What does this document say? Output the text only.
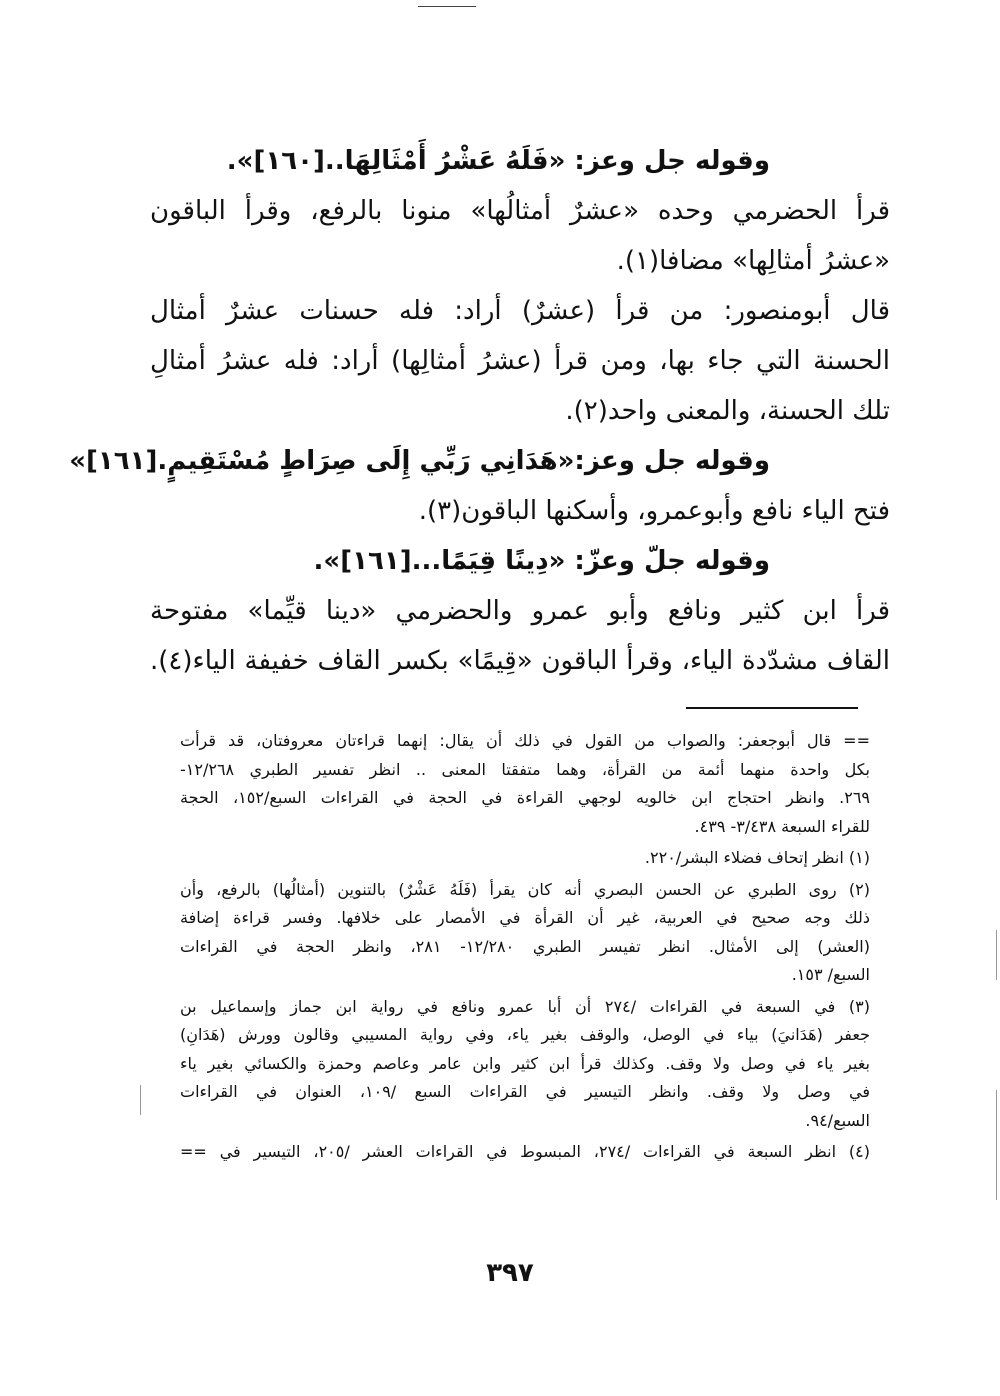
وقوله جل وعز: «فَلَهُ عَشْرُ أَمْثَالِهَا..[١٦٠]».
قرأ الحضرمي وحده «عشرٌ أمثالُها» منونا بالرفع، وقرأ الباقون
«عشرُ أمثالِها» مضافا(١).
قال أبومنصور: من قرأ (عشرٌ) أراد: فله حسنات عشرٌ أمثال
الحسنة التي جاء بها، ومن قرأ (عشرُ أمثالِها) أراد: فله عشرُ أمثالِ
تلك الحسنة، والمعنى واحد(٢).
وقوله جل وعز:«هَدَانِي رَبِّي إِلَى صِرَاطٍ مُسْتَقِيمٍ.[١٦١]»
فتح الياء نافع وأبوعمرو، وأسكنها الباقون(٣).
وقوله جلّ وعزّ: «دِينًا قِيَمًا...[١٦١]».
قرأ ابن كثير ونافع وأبو عمرو والحضرمي «دينا قيِّما» مفتوحة
القاف مشدّدة الياء، وقرأ الباقون «قِيمًا» بكسر القاف خفيفة الياء(٤).
== قال أبوجعفر: والصواب من القول في ذلك أن يقال: إنهما قراءتان معروفتان، قد قرأت
بكل واحدة منهما أئمة من القرأة، وهما متفقتا المعنى .. انظر تفسير الطبري ١٢/٢٦٨-
٢٦٩. وانظر احتجاج ابن خالويه لوجهي القراءة في الحجة في القراءات السبع/١٥٢، الحجة
للقراء السبعة ٣/٤٣٨- ٤٣٩.
(١) انظر إتحاف فضلاء البشر/٢٢٠.
(٢) روى الطبري عن الحسن البصري أنه كان يقرأ (فَلَهُ عَشْرٌ) بالتنوين (أمثالُها) بالرفع، وأن
ذلك وجه صحيح في العربية، غير أن القرأة في الأمصار على خلافها. وفسر قراءة إضافة
(العشر) إلى الأمثال. انظر تفيسر الطبري ١٢/٢٨٠- ٢٨١، وانظر الحجة في القراءات
السبع/ ١٥٣.
(٣) في السبعة في القراءات /٢٧٤ أن أبا عمرو ونافع في رواية ابن جماز وإسماعيل بن
جعفر (هَدَانيَ) بياء في الوصل، والوقف بغير ياء، وفي رواية المسيبي وقالون وورش (هَدَانِ)
بغير ياء في وصل ولا وقف. وكذلك قرأ ابن كثير وابن عامر وعاصم وحمزة والكسائي بغير ياء
في وصل ولا وقف. وانظر التيسير في القراءات السبع /١٠٩، العنوان في القراءات
السبع/٩٤.
(٤) انظر السبعة في القراءات /٢٧٤، المبسوط في القراءات العشر /٢٠٥، التيسير في ==
٣٩٧
